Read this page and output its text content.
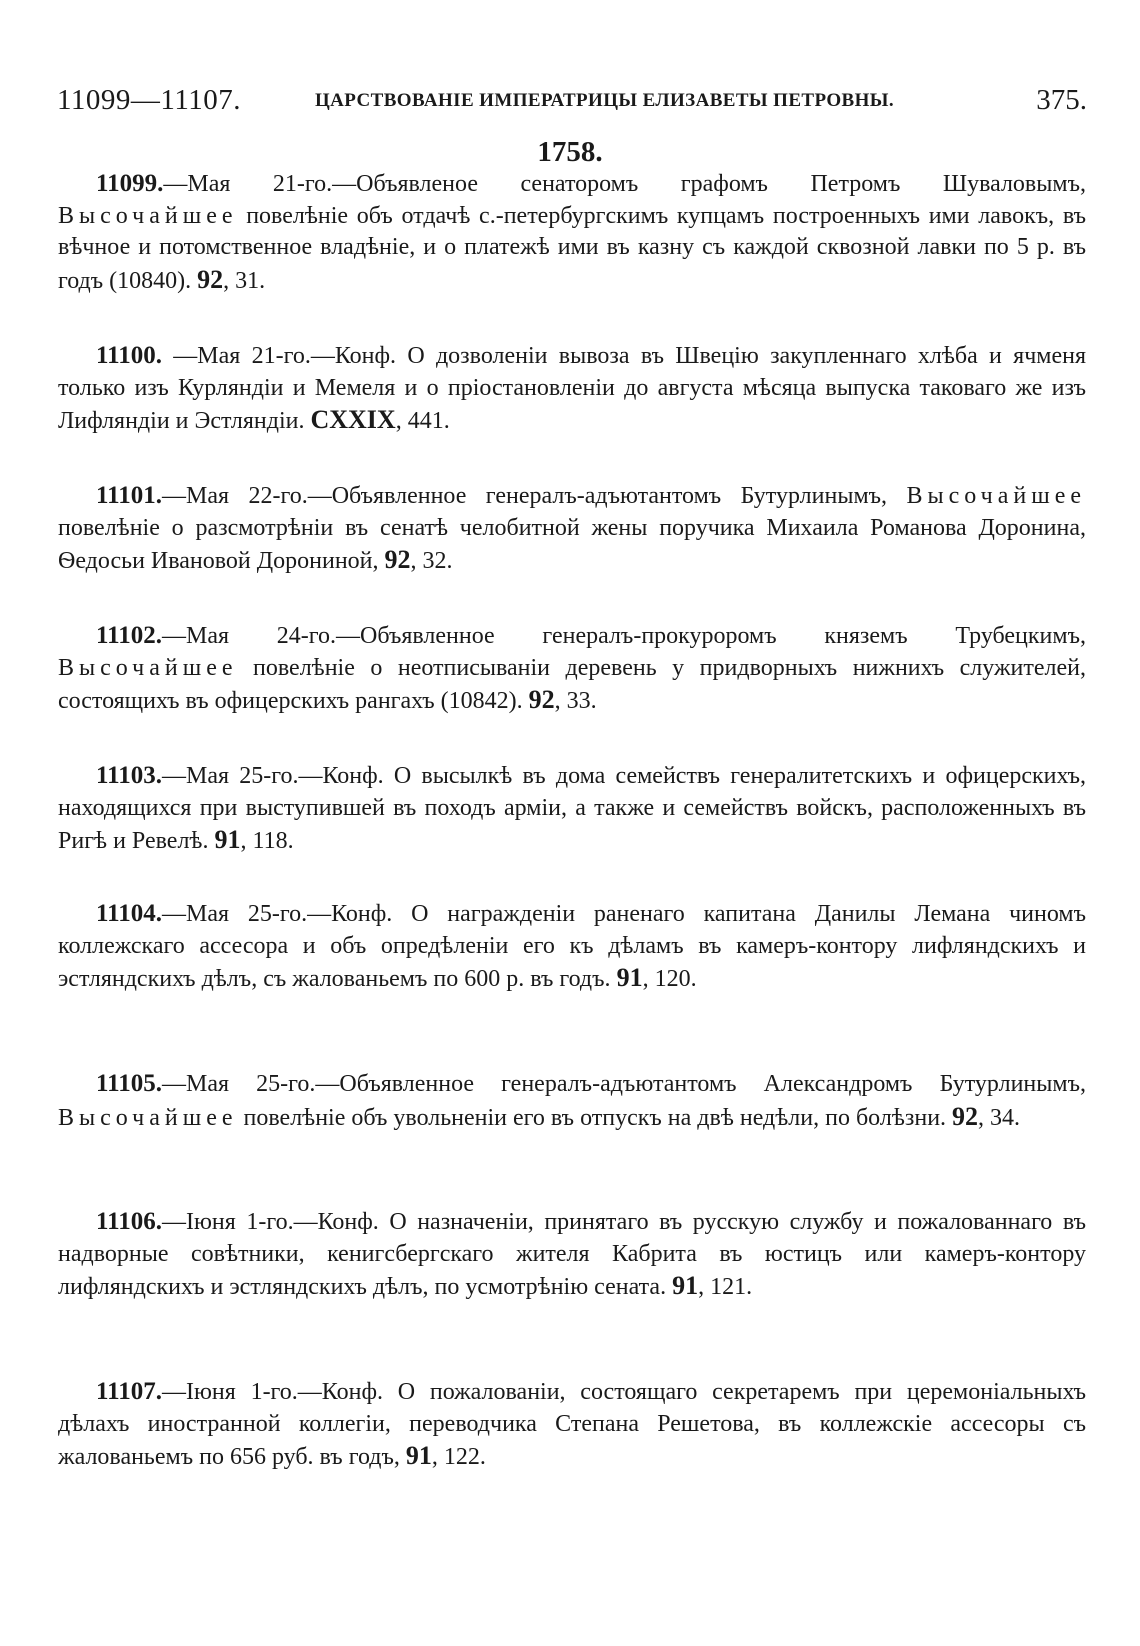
11099—11107.	ЦАРСТВОВАНІЕ ИМПЕРАТРИЦЫ ЕЛИЗАВЕТЫ ПЕТРОВНЫ.	375.
1758.

11099.—Мая 21-го.—Объявленое сенаторомъ графомъ Петромъ Шуваловымъ, Высочайшее повелѣніе объ отдачѣ с.-петербургскимъ купцамъ построенныхъ ими лавокъ, въ вѣчное и потомственное владѣніе, и о платежѣ ими въ казну съ каждой сквозной лавки по 5 р. въ годъ (10840). 92, 31.

11100. —Мая 21-го.—Конф. О дозволеніи вывоза въ Швецію закупленнаго хлѣба и ячменя только изъ Курляндіи и Мемеля и о пріостановленіи до августа мѣсяца выпуска таковаго же изъ Лифляндіи и Эстляндіи. CXXIX, 441.

11101.—Мая 22-го.—Объявленное генералъ-адъютантомъ Бутурлинымъ, Высочайшее повелѣніе о разсмотрѣніи въ сенатѣ челобитной жены поручика Михаила Романова Доронина, Ѳедосьи Ивановой Дорониной, 92, 32.

11102.—Мая 24-го.—Объявленное генералъ-прокуроромъ княземъ Трубецкимъ, Высочайшее повелѣніе о неотписываніи деревень у придворныхъ нижнихъ служителей, состоящихъ въ офицерскихъ рангахъ (10842). 92, 33.

11103.—Мая 25-го.—Конф. О высылкѣ въ дома семействъ генералитетскихъ и офицерскихъ, находящихся при выступившей въ походъ арміи, а также и семействъ войскъ, расположенныхъ въ Ригѣ и Ревелѣ. 91, 118.

11104.—Мая 25-го.—Конф. О награжденіи раненаго капитана Данилы Лемана чиномъ коллежскаго ассесора и объ опредѣленіи его къ дѣламъ въ камеръ-контору лифляндскихъ и эстляндскихъ дѣлъ, съ жалованьемъ по 600 р. въ годъ. 91, 120.

11105.—Мая 25-го.—Объявленное генералъ-адъютантомъ Александромъ Бутурлинымъ, Высочайшее повелѣніе объ увольненіи его въ отпускъ на двѣ недѣли, по болѣзни. 92, 34.

11106.—Іюня 1-го.—Конф. О назначеніи, принятаго въ русскую службу и пожалованнаго въ надворные совѣтники, кенигсбергскаго жителя Кабрита въ юстицъ или камеръ-контору лифляндскихъ и эстляндскихъ дѣлъ, по усмотрѣнію сената. 91, 121.

11107.—Іюня 1-го.—Конф. О пожалованіи, состоящаго секретаремъ при церемоніальныхъ дѣлахъ иностранной коллегіи, переводчика Степана Решетова, въ коллежскіе ассесоры съ жалованьемъ по 656 руб. въ годъ, 91, 122.
